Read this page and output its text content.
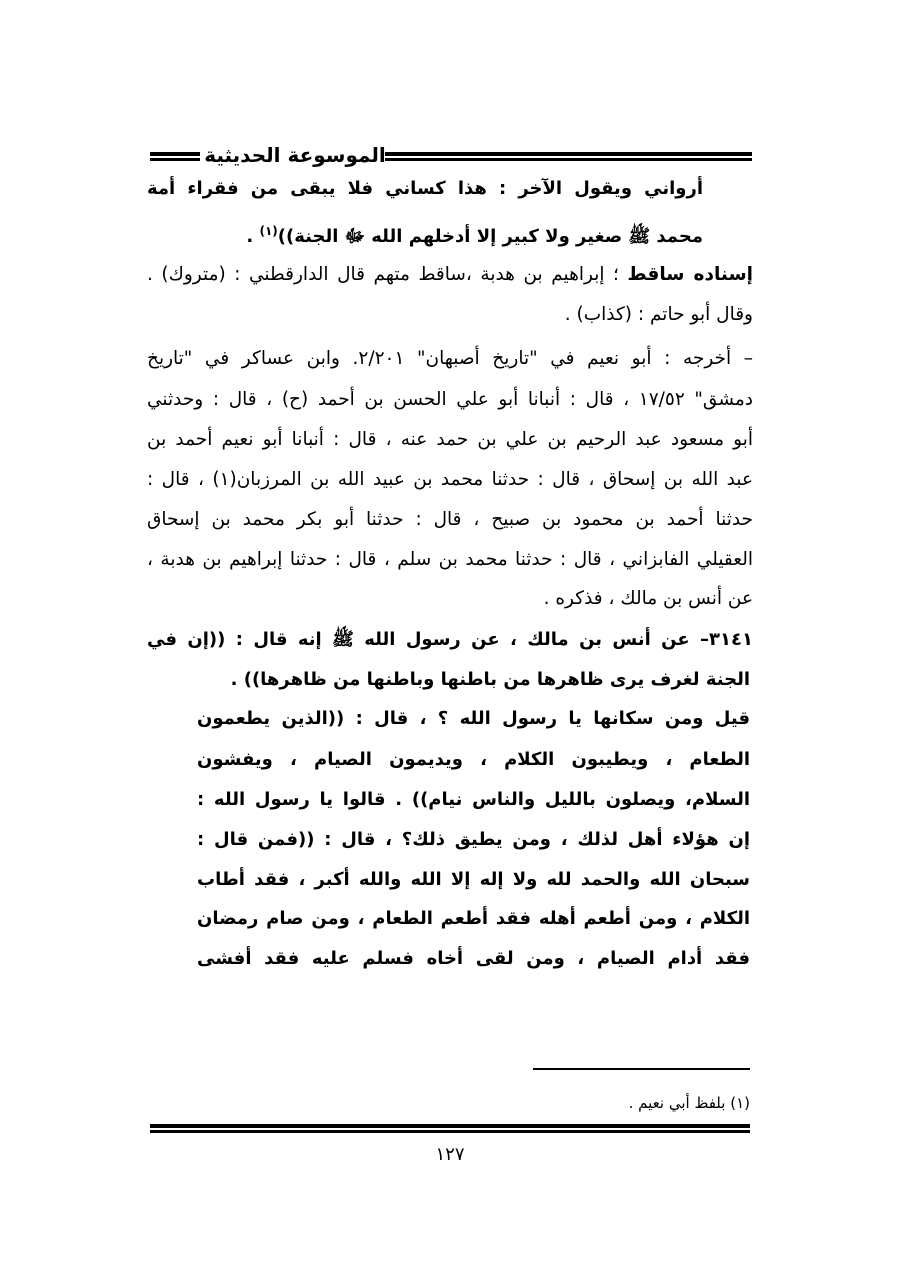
الموسوعة الحديثية
أرواني ويقول الآخر : هذا كساني فلا يبقى من فقراء أمة
محمد ﷺ صغير ولا كبير إلا أدخلهم الله ﷻ الجنة))$^{(١)}$ .
إسناده ساقط ؛ إبراهيم بن هدبة ،ساقط متهم قال الدارقطني : (متروك) .
وقال أبو حاتم : (كذاب) .
– أخرجه : أبو نعيم في "تاريخ أصبهان" ٢/٢٠١. وابن عساكر في "تاريخ
دمشق" ١٧/٥٢ ، قال : أنبانا أبو علي الحسن بن أحمد (ح) ، قال : وحدثني
أبو مسعود عبد الرحيم بن علي بن حمد عنه ، قال : أنبانا أبو نعيم أحمد بن
عبد الله بن إسحاق ، قال : حدثنا محمد بن عبيد الله بن المرزبان(١) ، قال :
حدثنا أحمد بن محمود بن صبيح ، قال : حدثنا أبو بكر محمد بن إسحاق
العقيلي الفابزاني ، قال : حدثنا محمد بن سلم ، قال : حدثنا إبراهيم بن هدبة ،
عن أنس بن مالك ، فذكره .
٣١٤١– عن أنس بن مالك ، عن رسول الله ﷺ إنه قال : ((إن في
الجنة لغرف يرى ظاهرها من باطنها وباطنها من ظاهرها)) .
قيل ومن سكانها يا رسول الله ؟ ، قال : ((الذين يطعمون
الطعام ، ويطيبون الكلام ، ويديمون الصيام ، ويفشون
السلام، ويصلون بالليل والناس نيام)) . قالوا يا رسول الله :
إن هؤلاء أهل لذلك ، ومن يطيق ذلك؟ ، قال : ((فمن قال :
سبحان الله والحمد لله ولا إله إلا الله والله أكبر ، فقد أطاب
الكلام ، ومن أطعم أهله فقد أطعم الطعام ، ومن صام رمضان
فقد أدام الصيام ، ومن لقى أخاه فسلم عليه فقد أفشى
(١) بلفظ أبي نعيم .
١٢٧
